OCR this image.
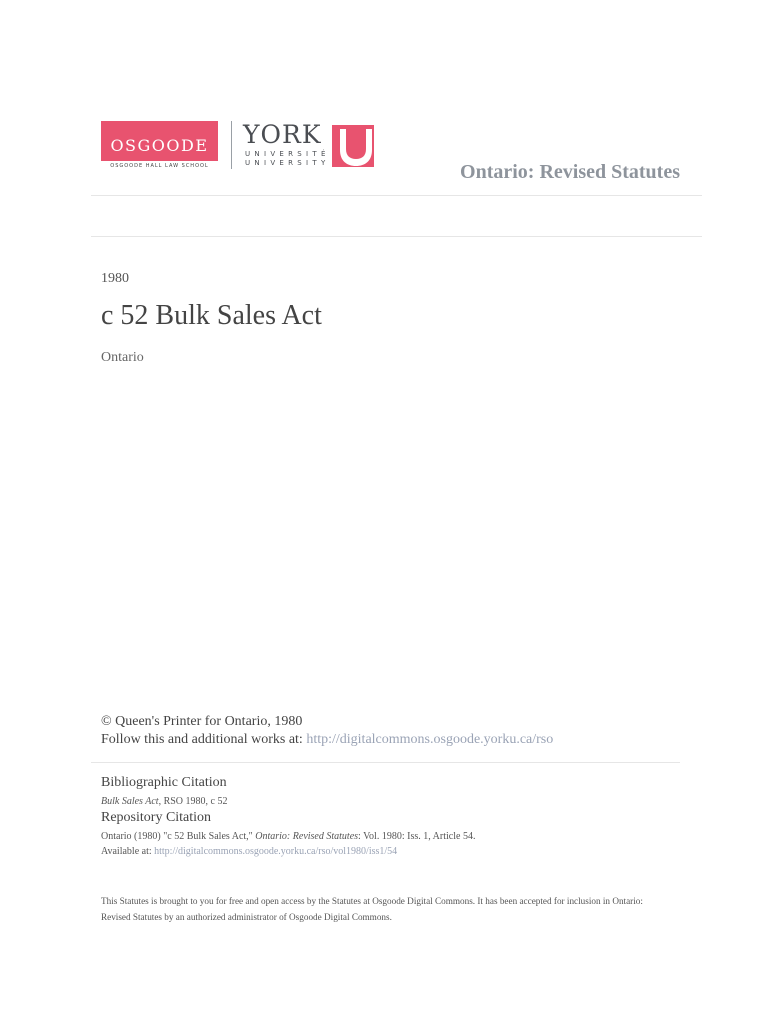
OSGOODE
OSGOODE HALL LAW SCHOOL
YORK
UNIVERSITÉ
UNIVERSITY	Ontario: Revised Statutes
1980
c 52 Bulk Sales Act
Ontario
© Queen's Printer for Ontario, 1980
Follow this and additional works at: http://digitalcommons.osgoode.yorku.ca/rso
Bibliographic Citation
Bulk Sales Act, RSO 1980, c 52
Repository Citation
Ontario (1980) "c 52 Bulk Sales Act," Ontario: Revised Statutes: Vol. 1980: Iss. 1, Article 54.
Available at: http://digitalcommons.osgoode.yorku.ca/rso/vol1980/iss1/54
This Statutes is brought to you for free and open access by the Statutes at Osgoode Digital Commons. It has been accepted for inclusion in Ontario: Revised Statutes by an authorized administrator of Osgoode Digital Commons.
